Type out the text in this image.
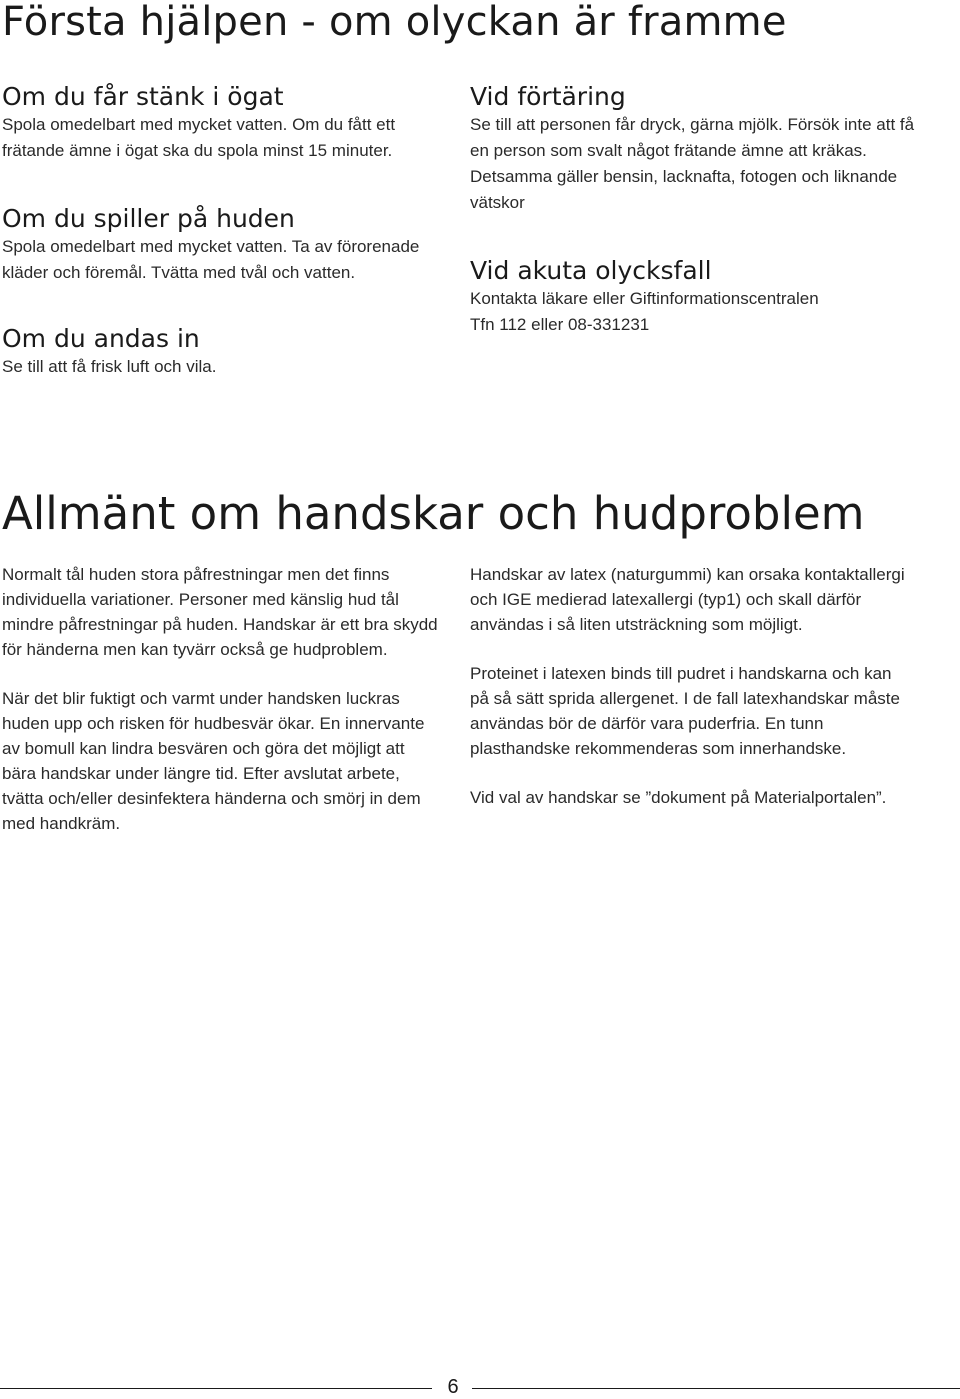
Första hjälpen - om olyckan är framme
Om du får stänk i ögat

Spola omedelbart med mycket vatten. Om du fått ett frätande ämne i ögat ska du spola minst 15 minuter.

Om du spiller på huden

Spola omedelbart med mycket vatten. Ta av förorenade kläder och föremål. Tvätta med tvål och vatten.

Om du andas in

Se till att få frisk luft och vila.

Vid förtäring

Se till att personen får dryck, gärna mjölk. Försök inte att få en person som svalt något frätande ämne att kräkas. Detsamma gäller bensin, lacknafta, fotogen och liknande vätskor

Vid akuta olycksfall

Kontakta läkare eller Giftinformationscentralen

Tfn 112 eller 08-331231

Allmänt om handskar och hudproblem

Normalt tål huden stora påfrestningar men det finns individuella variationer. Personer med känslig hud tål mindre påfrestningar på huden. Handskar är ett bra skydd för händerna men kan tyvärr också ge hudproblem.

När det blir fuktigt och varmt under handsken luckras huden upp och risken för hudbesvär ökar. En innervante av bomull kan lindra besvären och göra det möjligt att bära handskar under längre tid. Efter avslutat arbete, tvätta och/eller desinfektera händerna och smörj in dem med handkräm.

Handskar av latex (naturgummi) kan orsaka kontaktallergi och IGE medierad latexallergi (typ1) och skall därför användas i så liten utsträckning som möjligt.

Proteinet i latexen binds till pudret i handskarna och kan på så sätt sprida allergenet. I de fall latexhandskar måste användas bör de därför vara puderfria. En tunn plasthandske rekommenderas som innerhandske.

Vid val av handskar se ”dokument på Materialportalen”.

6
